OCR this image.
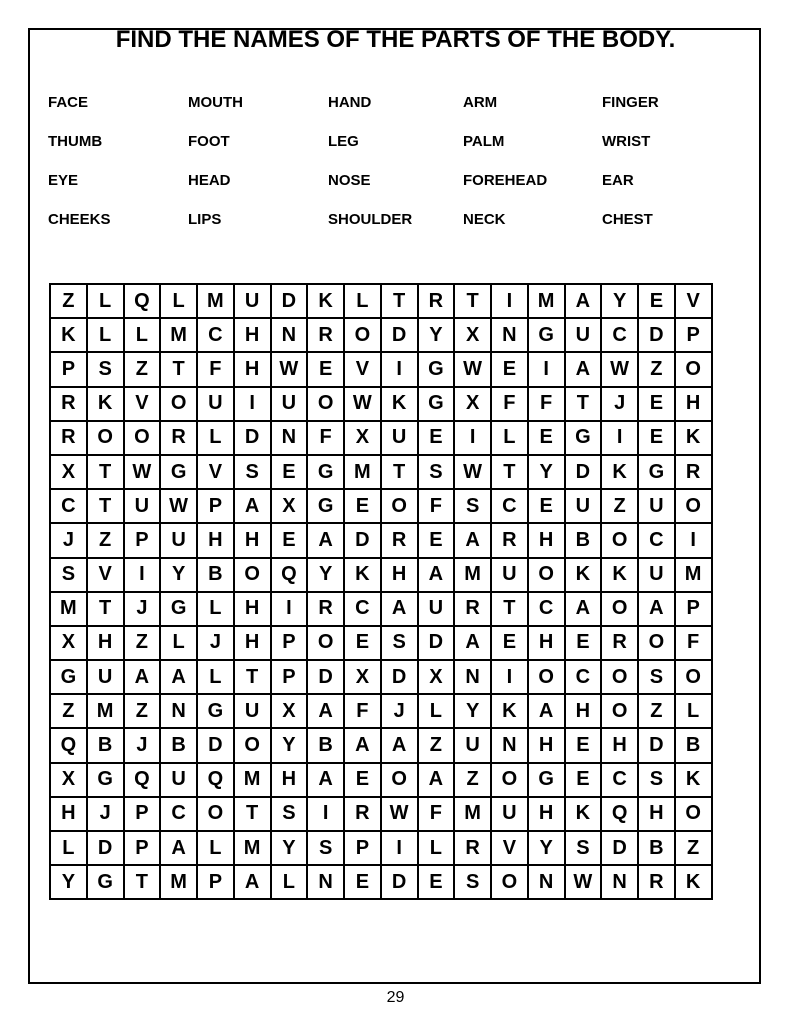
FIND THE NAMES OF THE PARTS OF THE BODY.
FACE	MOUTH	HAND	ARM	FINGER
THUMB	FOOT	LEG	PALM	WRIST
EYE	HEAD	NOSE	FOREHEAD	EAR
CHEEKS	LIPS	SHOULDER	NECK	CHEST
Z	L	Q	L	M	U	D	K	L	T	R	T	I	M	A	Y	E	V
K	L	L	M	C	H	N	R	O	D	Y	X	N	G	U	C	D	P
P	S	Z	T	F	H	W	E	V	I	G	W	E	I	A	W	Z	O
R	K	V	O	U	I	U	O	W	K	G	X	F	F	T	J	E	H
R	O	O	R	L	D	N	F	X	U	E	I	L	E	G	I	E	K
X	T	W	G	V	S	E	G	M	T	S	W	T	Y	D	K	G	R
C	T	U	W	P	A	X	G	E	O	F	S	C	E	U	Z	U	O
J	Z	P	U	H	H	E	A	D	R	E	A	R	H	B	O	C	I
S	V	I	Y	B	O	Q	Y	K	H	A	M	U	O	K	K	U	M
M	T	J	G	L	H	I	R	C	A	U	R	T	C	A	O	A	P
X	H	Z	L	J	H	P	O	E	S	D	A	E	H	E	R	O	F
G	U	A	A	L	T	P	D	X	D	X	N	I	O	C	O	S	O
Z	M	Z	N	G	U	X	A	F	J	L	Y	K	A	H	O	Z	L
Q	B	J	B	D	O	Y	B	A	A	Z	U	N	H	E	H	D	B
X	G	Q	U	Q	M	H	A	E	O	A	Z	O	G	E	C	S	K
H	J	P	C	O	T	S	I	R	W	F	M	U	H	K	Q	H	O
L	D	P	A	L	M	Y	S	P	I	L	R	V	Y	S	D	B	Z
Y	G	T	M	P	A	L	N	E	D	E	S	O	N	W	N	R	K
29
